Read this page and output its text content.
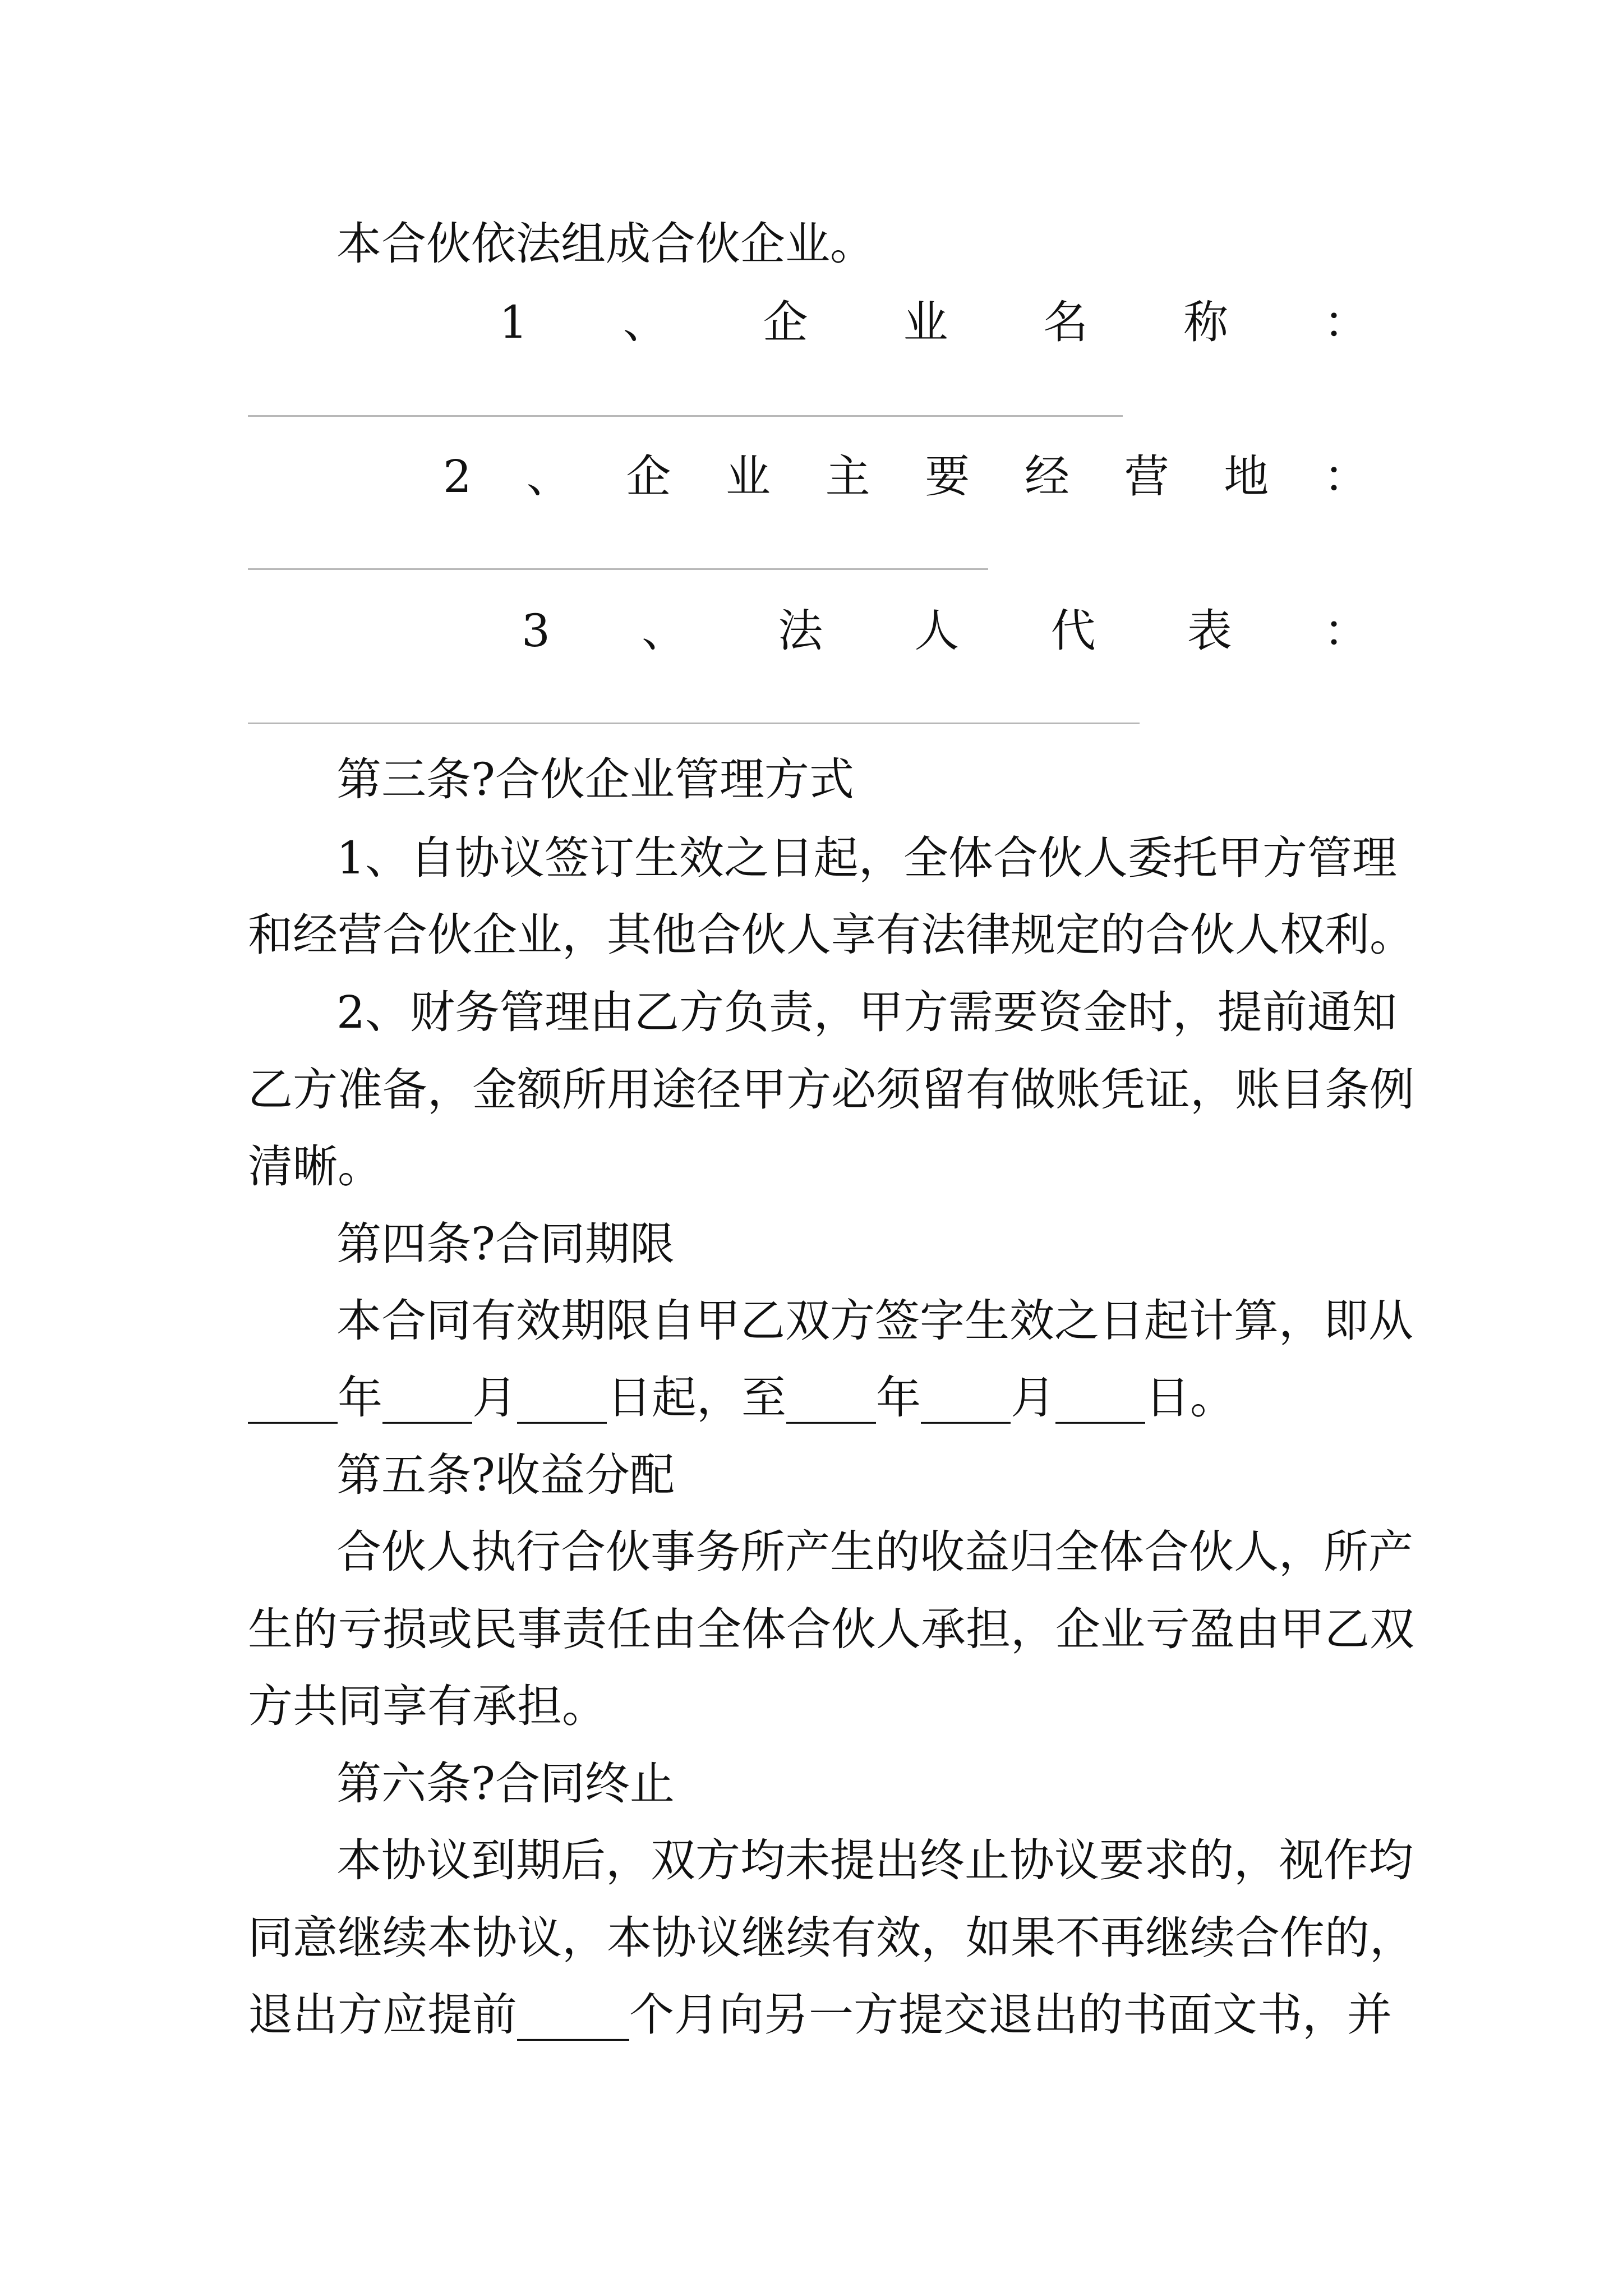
本合伙依法组成合伙企业。
1 、 企 业 名 称 ：
2 、 企 业 主 要 经 营 地 ：
3 、 法 人 代 表 ：
第三条?合伙企业管理方式
1、自协议签订生效之日起，全体合伙人委托甲方管理
和经营合伙企业，其他合伙人享有法律规定的合伙人权利。
2、财务管理由乙方负责，甲方需要资金时，提前通知
乙方准备，金额所用途径甲方必须留有做账凭证，账目条例
清晰。
第四条?合同期限
本合同有效期限自甲乙双方签字生效之日起计算，即从
____年____月____日起，至____年____月____日。
第五条?收益分配
合伙人执行合伙事务所产生的收益归全体合伙人，所产
生的亏损或民事责任由全体合伙人承担，企业亏盈由甲乙双
方共同享有承担。
第六条?合同终止
本协议到期后，双方均未提出终止协议要求的，视作均
同意继续本协议，本协议继续有效，如果不再继续合作的，
退出方应提前_____个月向另一方提交退出的书面文书，并
